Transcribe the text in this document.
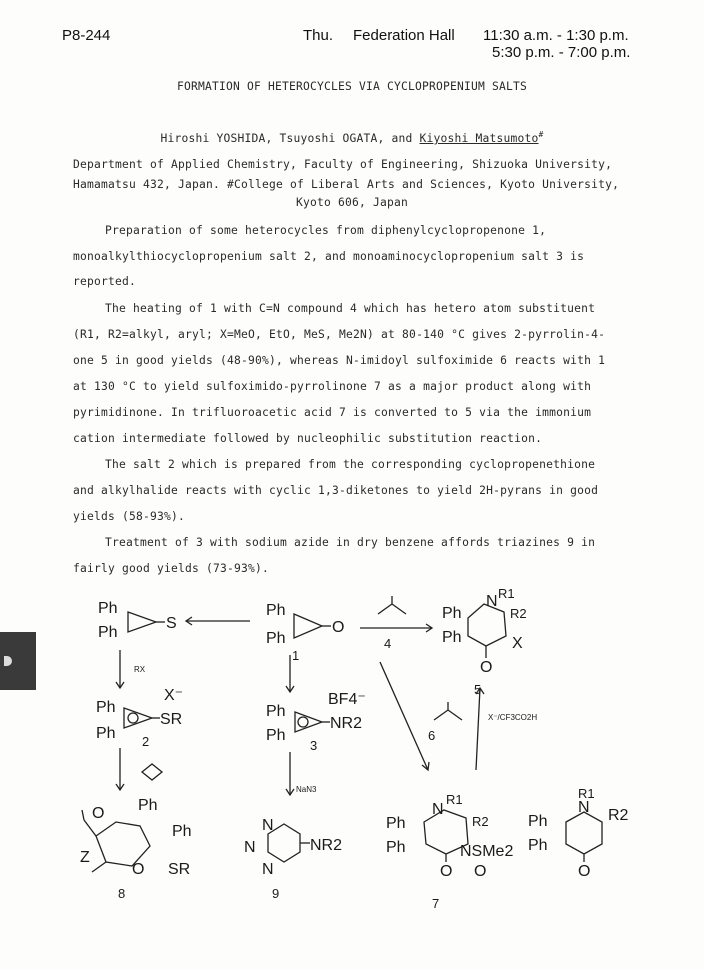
P8-244	Thu. Federation Hall 11:30 a.m. - 1:30 p.m.
5:30 p.m. - 7:00 p.m.
FORMATION OF HETEROCYCLES VIA CYCLOPROPENIUM SALTS
Hiroshi YOSHIDA, Tsuyoshi OGATA, and Kiyoshi Matsumoto#
Department of Applied Chemistry, Faculty of Engineering, Shizuoka University,
Hamamatsu 432, Japan. #College of Liberal Arts and Sciences, Kyoto University,
Kyoto 606, Japan
Preparation of some heterocycles from diphenylcyclopropenone 1,
monoalkylthiocyclopropenium salt 2, and monoaminocyclopropenium salt 3 is
reported.
The heating of 1 with C=N compound 4 which has hetero atom substituent
(R1, R2=alkyl, aryl; X=MeO, EtO, MeS, Me2N) at 80-140 °C gives 2-pyrrolin-4-
one 5 in good yields (48-90%), whereas N-imidoyl sulfoximide 6 reacts with 1
at 130 °C to yield sulfoximido-pyrrolinone 7 as a major product along with
pyrimidinone. In trifluoroacetic acid 7 is converted to 5 via the immonium
cation intermediate followed by nucleophilic substitution reaction.
The salt 2 which is prepared from the corresponding cyclopropenethione
and alkylhalide reacts with cyclic 1,3-diketones to yield 2H-pyrans in good
yields (58-93%).
Treatment of 3 with sodium azide in dry benzene affords triazines 9 in
fairly good yields (73-93%).
Ph
Ph
S
Ph
Ph
O
1
4
Ph
Ph
N R1
R2
X
O
5
RX
Ph
Ph
X⁻
SR
2
Ph
Ph
BF4⁻
NR2
3
NaN3
6
X⁻/CF3CO2H
O Ph
Ph
Z
O SR
8
N
N
N
NR2
9
Ph
Ph
N
R1
R2
NSMe2
O O
7
Ph
Ph
N
R1
R2
O
